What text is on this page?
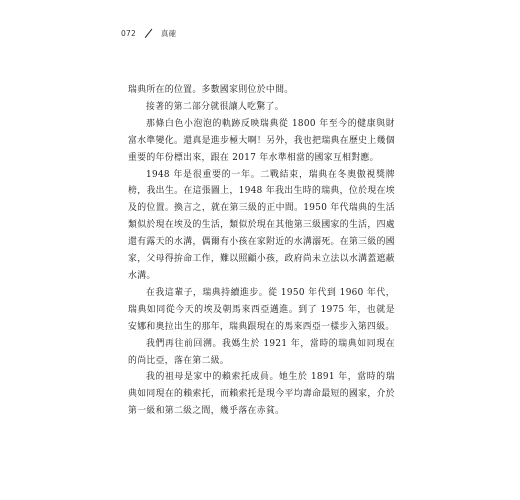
072	真確

瑞典所在的位置。多數國家則位於中間。

接著的第二部分就很讓人吃驚了。

那條白色小泡泡的軌跡反映瑞典從 1800 年至今的健康與財富水準變化。還真是進步極大啊！另外，我也把瑞典在歷史上幾個重要的年份標出來，跟在 2017 年水準相當的國家互相對應。

1948 年是很重要的一年。二戰結束，瑞典在冬奧傲視獎牌榜，我出生。在這張圖上，1948 年我出生時的瑞典，位於現在埃及的位置。換言之，就在第三級的正中間。1950 年代瑞典的生活類似於現在埃及的生活，類似於現在其他第三級國家的生活，四處還有露天的水溝，偶爾有小孩在家附近的水溝溺死。在第三級的國家，父母得拚命工作，難以照顧小孩，政府尚未立法以水溝蓋遮蔽水溝。

在我這輩子，瑞典持續進步。從 1950 年代到 1960 年代，瑞典如同從今天的埃及朝馬來西亞邁進。到了 1975 年，也就是安娜和奧拉出生的那年，瑞典跟現在的馬來西亞一樣步入第四級。

我們再往前回溯。我媽生於 1921 年，當時的瑞典如同現在的尚比亞，落在第二級。

我的祖母是家中的賴索托成員。她生於 1891 年，當時的瑞典如同現在的賴索托，而賴索托是現今平均壽命最短的國家，介於第一級和第二級之間，幾乎落在赤貧。
